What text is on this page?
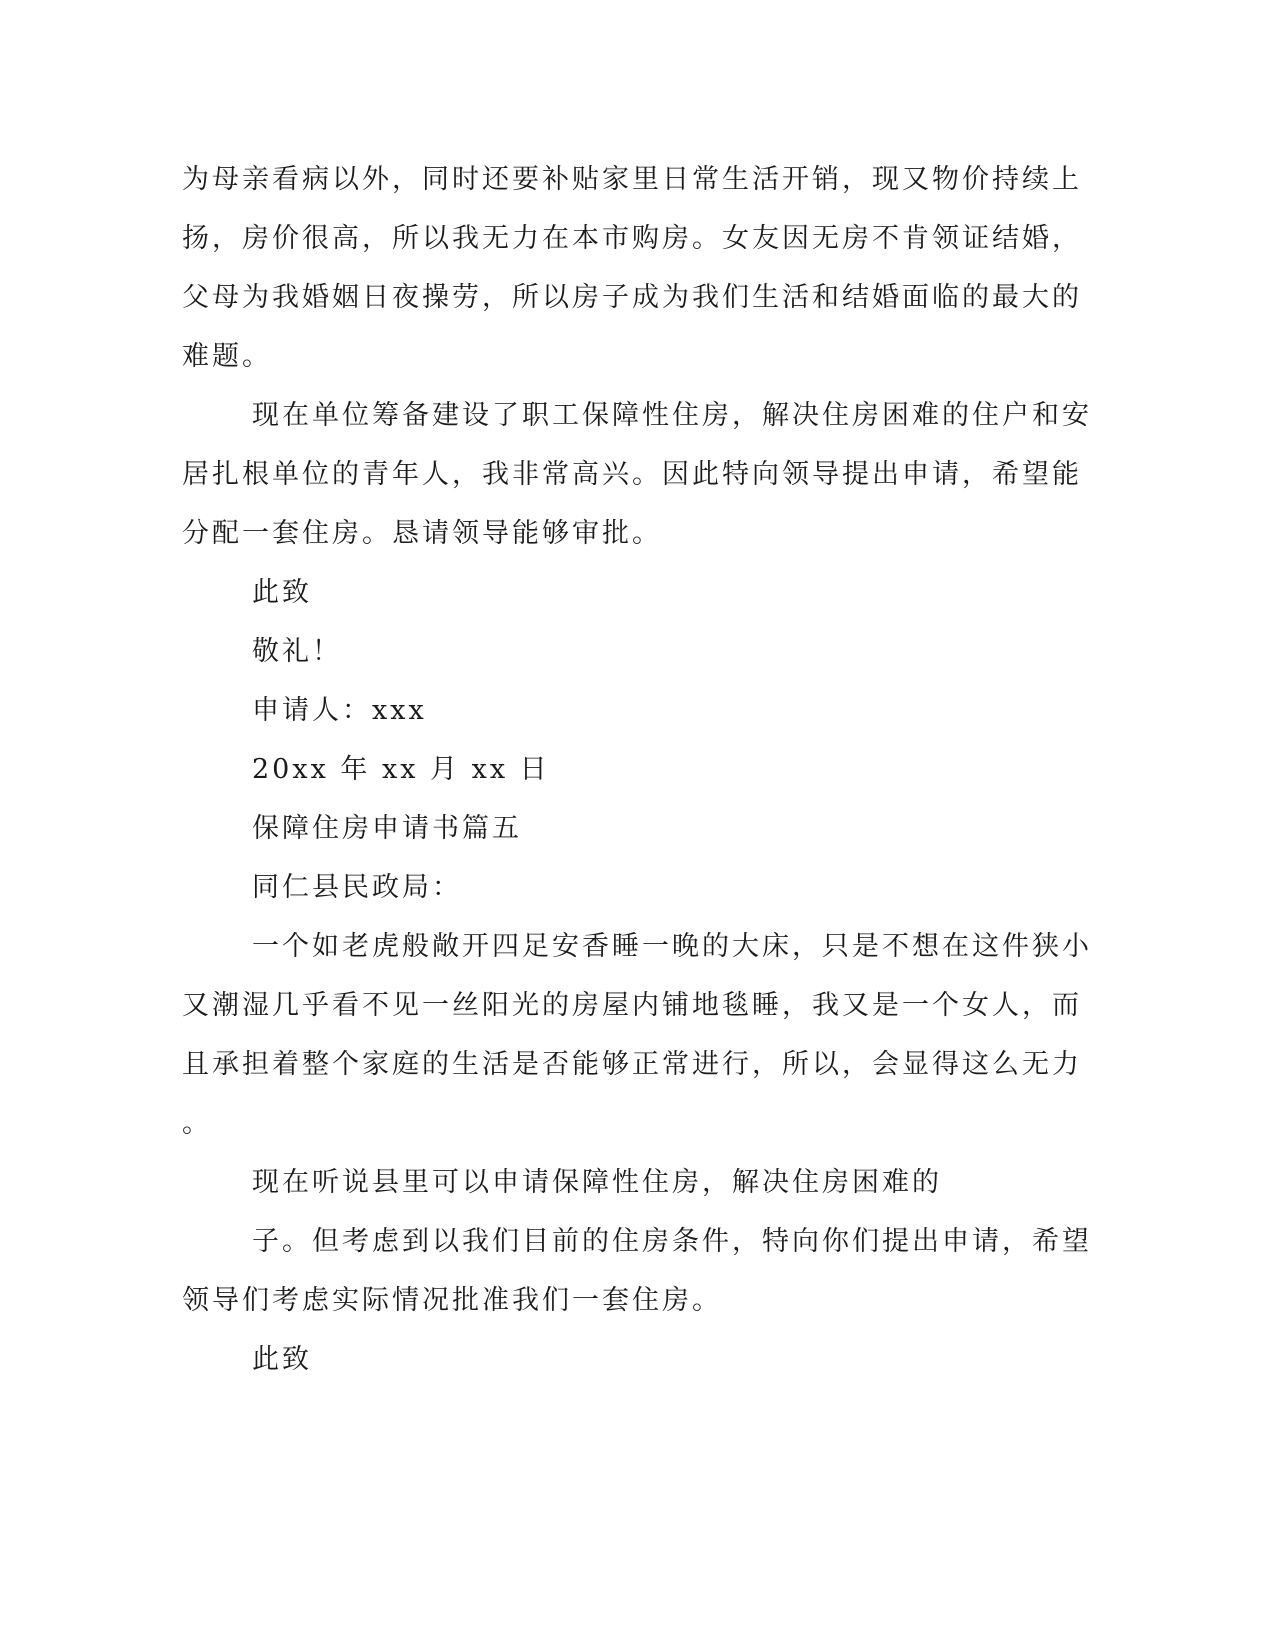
为母亲看病以外，同时还要补贴家里日常生活开销，现又物价持续上
扬，房价很高，所以我无力在本市购房。女友因无房不肯领证结婚，
父母为我婚姻日夜操劳，所以房子成为我们生活和结婚面临的最大的
难题。
现在单位筹备建设了职工保障性住房，解决住房困难的住户和安
居扎根单位的青年人，我非常高兴。因此特向领导提出申请，希望能
分配一套住房。恳请领导能够审批。
此致
敬礼！
申请人：xxx
20xx 年 xx 月 xx 日
保障住房申请书篇五
同仁县民政局：
一个如老虎般敞开四足安香睡一晚的大床，只是不想在这件狭小
又潮湿几乎看不见一丝阳光的房屋内铺地毯睡，我又是一个女人，而
且承担着整个家庭的生活是否能够正常进行，所以，会显得这么无力
。
现在听说县里可以申请保障性住房，解决住房困难的
子。但考虑到以我们目前的住房条件，特向你们提出申请，希望
领导们考虑实际情况批准我们一套住房。
此致
